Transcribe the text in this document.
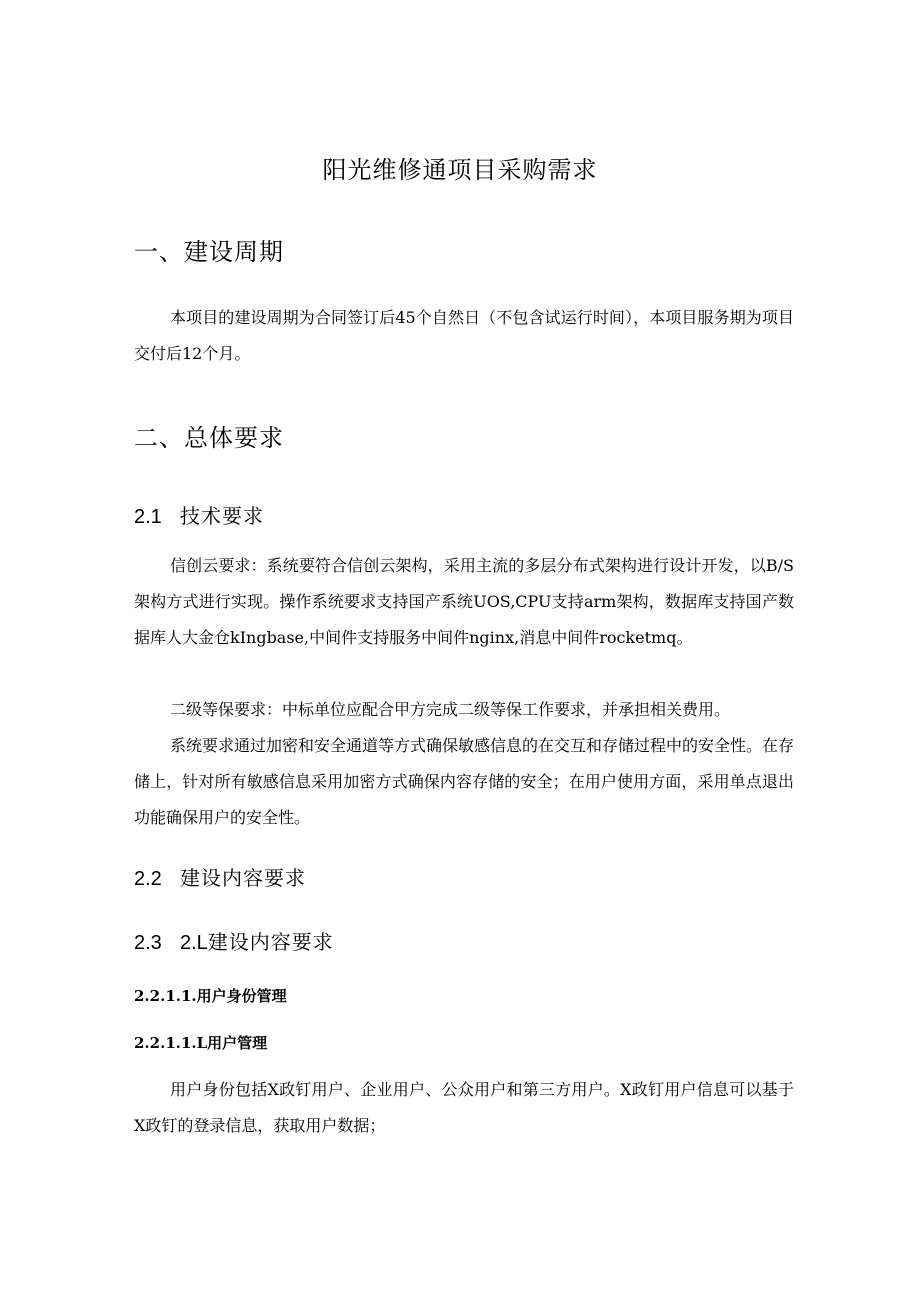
阳光维修通项目采购需求
一、建设周期
本项目的建设周期为合同签订后45个自然日（不包含试运行时间），本项目服务期为项目交付后12个月。
二、总体要求
2.1 技术要求
信创云要求：系统要符合信创云架构，采用主流的多层分布式架构进行设计开发，以B/S架构方式进行实现。操作系统要求支持国产系统UOS,CPU支持arm架构，数据库支持国产数据库人大金仓kIngbase,中间件支持服务中间件nginx,消息中间件rocketmq。
二级等保要求：中标单位应配合甲方完成二级等保工作要求，并承担相关费用。
系统要求通过加密和安全通道等方式确保敏感信息的在交互和存储过程中的安全性。在存储上，针对所有敏感信息采用加密方式确保内容存储的安全；在用户使用方面，采用单点退出功能确保用户的安全性。
2.2 建设内容要求
2.3 2.L建设内容要求
2.2.1.1.用户身份管理
2.2.1.1.L用户管理
用户身份包括X政钉用户、企业用户、公众用户和第三方用户。X政钉用户信息可以基于X政钉的登录信息，获取用户数据；
